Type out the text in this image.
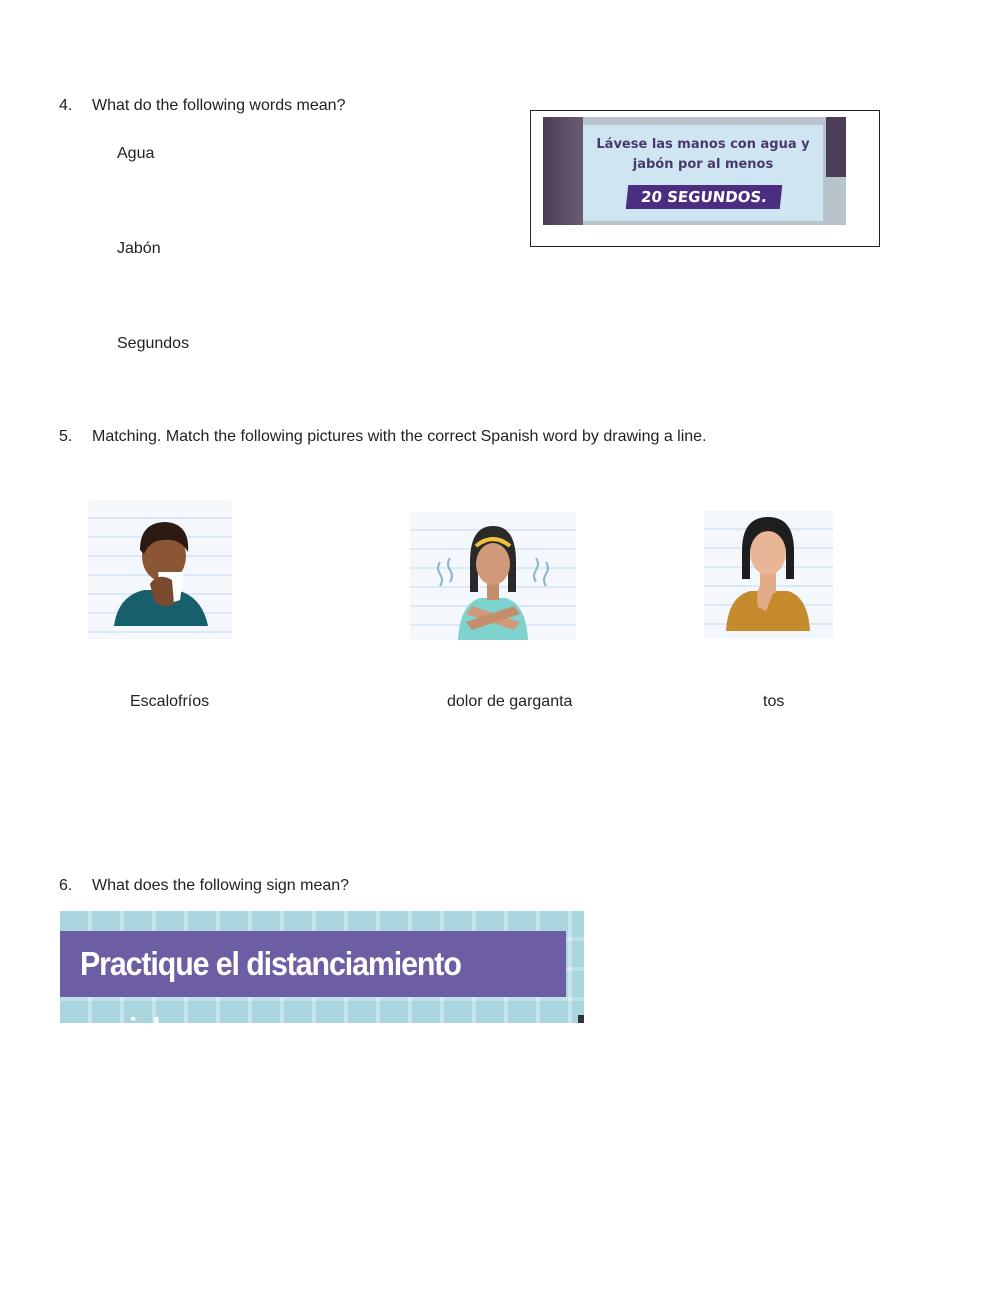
4. What do the following words mean?
Agua
Jabón
Segundos
Lávese las manos con agua y
jabón por al menos
20 SEGUNDOS.
5. Matching. Match the following pictures with the correct Spanish word by drawing a line.
Escalofríos	dolor de garganta	tos
6. What does the following sign mean?
Practique el distanciamiento social
